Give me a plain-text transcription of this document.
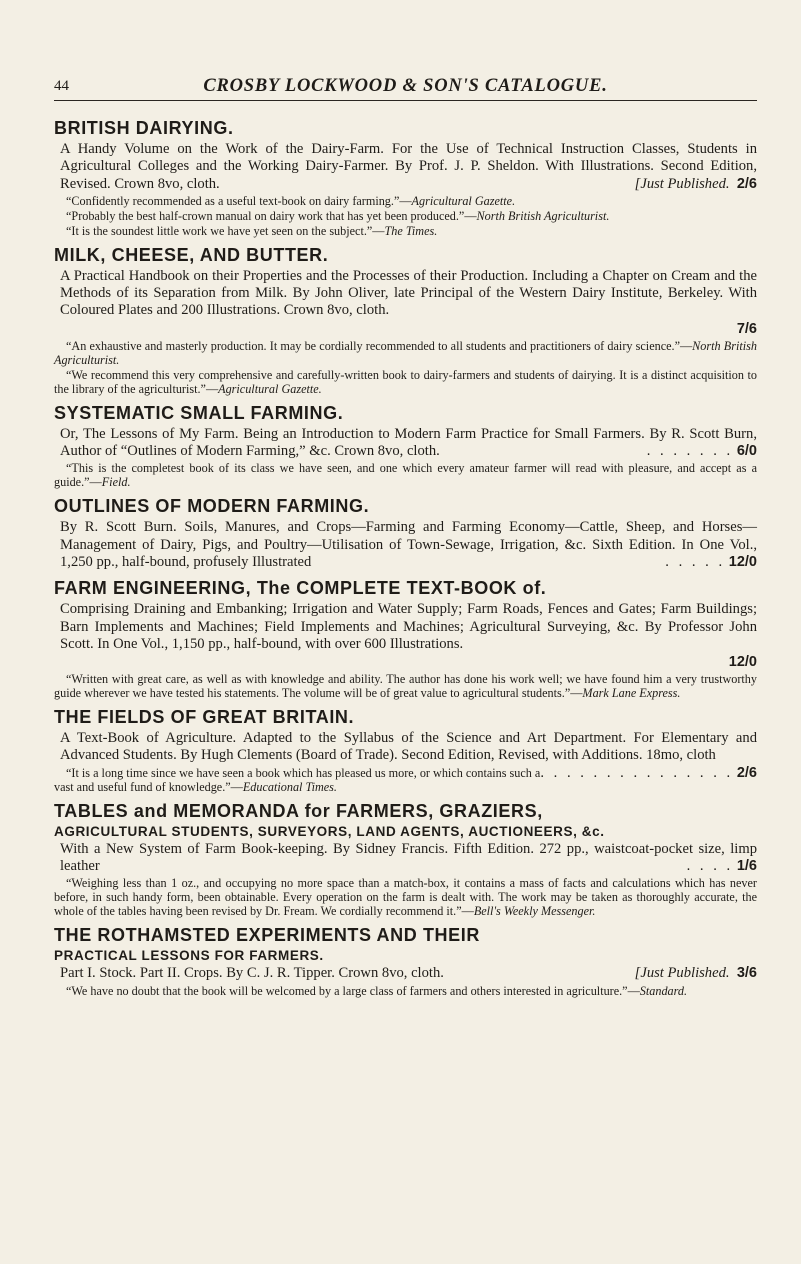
44	CROSBY LOCKWOOD & SON'S CATALOGUE.
BRITISH DAIRYING.

A Handy Volume on the Work of the Dairy-Farm. For the Use of Technical Instruction Classes, Students in Agricultural Colleges and the Working Dairy-Farmer. By Prof. J. P. Sheldon. With Illustrations. Second Edition, Revised. Crown 8vo, cloth.	[Just Published. 2/6

“Confidently recommended as a useful text-book on dairy farming.”—Agricultural Gazette.

“Probably the best half-crown manual on dairy work that has yet been produced.”—North British Agriculturist.

“It is the soundest little work we have yet seen on the subject.”—The Times.

MILK, CHEESE, AND BUTTER.

A Practical Handbook on their Properties and the Processes of their Production. Including a Chapter on Cream and the Methods of its Separation from Milk. By John Oliver, late Principal of the Western Dairy Institute, Berkeley. With Coloured Plates and 200 Illustrations. Crown 8vo, cloth.

7/6

“An exhaustive and masterly production. It may be cordially recommended to all students and practitioners of dairy science.”—North British Agriculturist.

“We recommend this very comprehensive and carefully-written book to dairy-farmers and students of dairying. It is a distinct acquisition to the library of the agriculturist.”—Agricultural Gazette.

SYSTEMATIC SMALL FARMING.

Or, The Lessons of My Farm. Being an Introduction to Modern Farm Practice for Small Farmers. By R. Scott Burn, Author of “Outlines of Modern Farming,” &c. Crown 8vo, cloth.	. . . . . . . 6/0

“This is the completest book of its class we have seen, and one which every amateur farmer will read with pleasure, and accept as a guide.”—Field.

OUTLINES OF MODERN FARMING.

By R. Scott Burn. Soils, Manures, and Crops—Farming and Farming Economy—Cattle, Sheep, and Horses—Management of Dairy, Pigs, and Poultry—Utilisation of Town-Sewage, Irrigation, &c. Sixth Edition. In One Vol., 1,250 pp., half-bound, profusely Illustrated	. . . . . 12/0

FARM ENGINEERING, The COMPLETE TEXT-BOOK of.

Comprising Draining and Embanking; Irrigation and Water Supply; Farm Roads, Fences and Gates; Farm Buildings; Barn Implements and Machines; Field Implements and Machines; Agricultural Surveying, &c. By Professor John Scott. In One Vol., 1,150 pp., half-bound, with over 600 Illustrations.

12/0

“Written with great care, as well as with knowledge and ability. The author has done his work well; we have found him a very trustworthy guide wherever we have tested his statements. The volume will be of great value to agricultural students.”—Mark Lane Express.

THE FIELDS OF GREAT BRITAIN.

A Text-Book of Agriculture. Adapted to the Syllabus of the Science and Art Department. For Elementary and Advanced Students. By Hugh Clements (Board of Trade). Second Edition, Revised, with Additions. 18mo, cloth
. . . . . . . . . . . . . . . 2/6

“It is a long time since we have seen a book which has pleased us more, or which contains such a vast and useful fund of knowledge.”—Educational Times.

TABLES and MEMORANDA for FARMERS, GRAZIERS,
AGRICULTURAL STUDENTS, SURVEYORS, LAND AGENTS, AUCTIONEERS, &c.

With a New System of Farm Book-keeping. By Sidney Francis. Fifth Edition. 272 pp., waistcoat-pocket size, limp leather	. . . . 1/6

“Weighing less than 1 oz., and occupying no more space than a match-box, it contains a mass of facts and calculations which has never before, in such handy form, been obtainable. Every operation on the farm is dealt with. The work may be taken as thoroughly accurate, the whole of the tables having been revised by Dr. Fream. We cordially recommend it.”—Bell's Weekly Messenger.

THE ROTHAMSTED EXPERIMENTS AND THEIR
PRACTICAL LESSONS FOR FARMERS.

Part I. Stock. Part II. Crops. By C. J. R. Tipper. Crown 8vo, cloth.	[Just Published. 3/6

“We have no doubt that the book will be welcomed by a large class of farmers and others interested in agriculture.”—Standard.
